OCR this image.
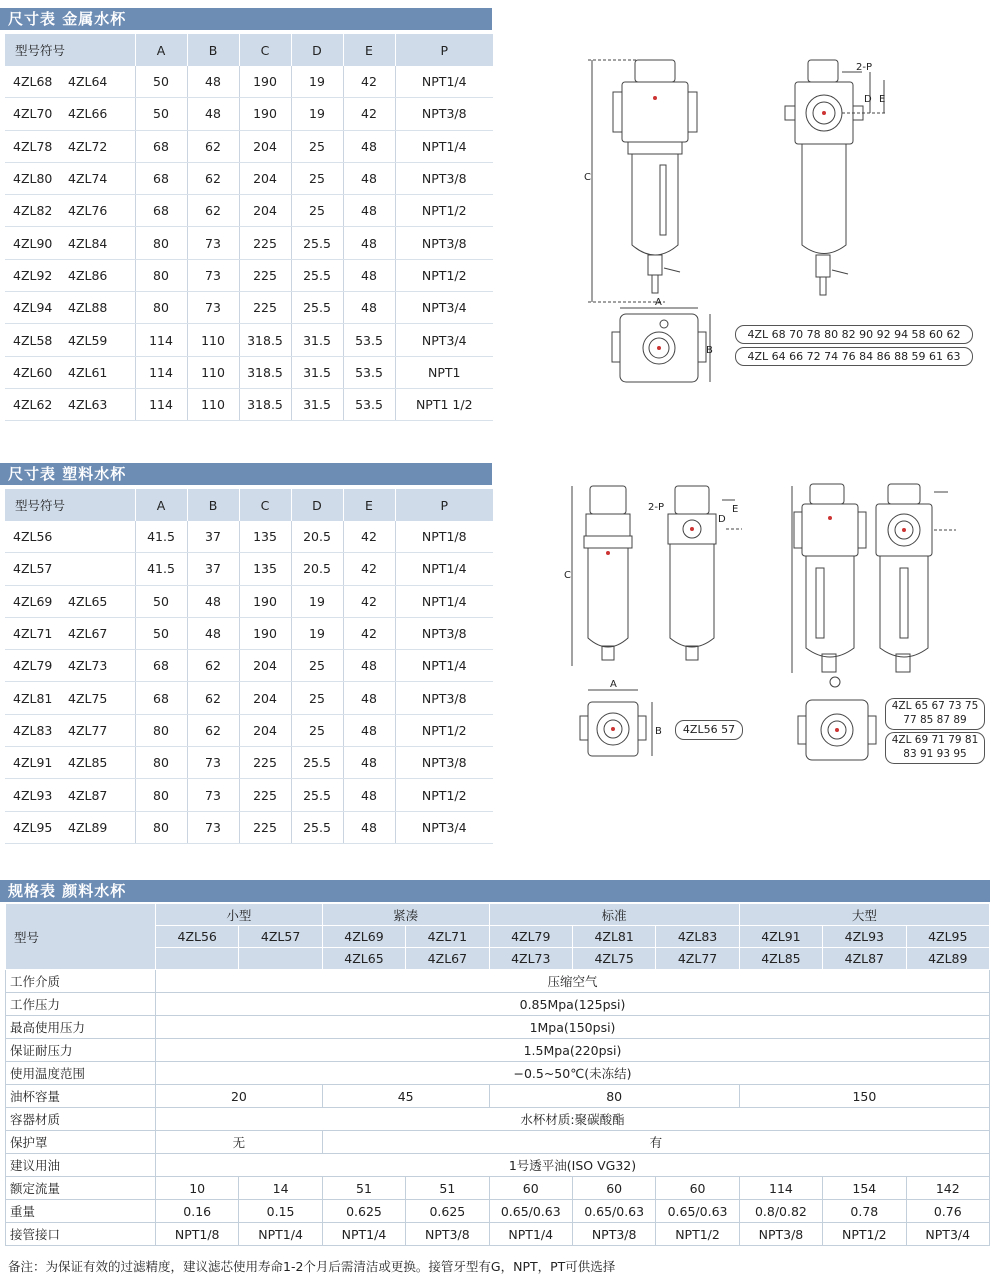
尺寸表 金属水杯
型号符号	A	B	C	D	E	P
4ZL68 4ZL64	50	48	190	19	42	NPT1/4
4ZL70 4ZL66	50	48	190	19	42	NPT3/8
4ZL78 4ZL72	68	62	204	25	48	NPT1/4
4ZL80 4ZL74	68	62	204	25	48	NPT3/8
4ZL82 4ZL76	68	62	204	25	48	NPT1/2
4ZL90 4ZL84	80	73	225	25.5	48	NPT3/8
4ZL92 4ZL86	80	73	225	25.5	48	NPT1/2
4ZL94 4ZL88	80	73	225	25.5	48	NPT3/4
4ZL58 4ZL59	114	110	318.5	31.5	53.5	NPT3/4
4ZL60 4ZL61	114	110	318.5	31.5	53.5	NPT1
4ZL62 4ZL63	114	110	318.5	31.5	53.5	NPT1 1/2
C
2-P
D E
A
B
4ZL 68 70 78 80 82 90 92 94 58 60 62
4ZL 64 66 72 74 76 84 86 88 59 61 63
尺寸表 塑料水杯
型号符号	A	B	C	D	E	P
4ZL56	41.5	37	135	20.5	42	NPT1/8
4ZL57	41.5	37	135	20.5	42	NPT1/4
4ZL69 4ZL65	50	48	190	19	42	NPT1/4
4ZL71 4ZL67	50	48	190	19	42	NPT3/8
4ZL79 4ZL73	68	62	204	25	48	NPT1/4
4ZL81 4ZL75	68	62	204	25	48	NPT3/8
4ZL83 4ZL77	80	62	204	25	48	NPT1/2
4ZL91 4ZL85	80	73	225	25.5	48	NPT3/8
4ZL93 4ZL87	80	73	225	25.5	48	NPT1/2
4ZL95 4ZL89	80	73	225	25.5	48	NPT3/4
C
2-P
D
E
A
B	4ZL56 57
4ZL 65 67 73 75
77 85 87 89
4ZL 69 71 79 81
83 91 93 95
规格表 颜料水杯
型号	小型		紧凑		标准			大型		
	4ZL56	4ZL57	4ZL69	4ZL71	4ZL79	4ZL81	4ZL83	4ZL91	4ZL93	4ZL95
			4ZL65	4ZL67	4ZL73	4ZL75	4ZL77	4ZL85	4ZL87	4ZL89
工作介质	压缩空气									
工作压力	0.85Mpa(125psi)									
最高使用压力	1Mpa(150psi)									
保证耐压力	1.5Mpa(220psi)									
使用温度范围	−0.5~50℃(未冻结)									
油杯容量	20		45		80			150		
容器材质	水杯材质:聚碳酸酯									
保护罩	无		有							
建议用油	1号透平油(ISO VG32)									
额定流量	10	14	51	51	60	60	60	114	154	142
重量	0.16	0.15	0.625	0.625	0.65/0.63	0.65/0.63	0.65/0.63	0.8/0.82	0.78	0.76
接管接口	NPT1/8	NPT1/4	NPT1/4	NPT3/8	NPT1/4	NPT3/8	NPT1/2	NPT3/8	NPT1/2	NPT3/4
备注：为保证有效的过滤精度，建议滤芯使用寿命1-2个月后需清洁或更换。接管牙型有G，NPT，PT可供选择
